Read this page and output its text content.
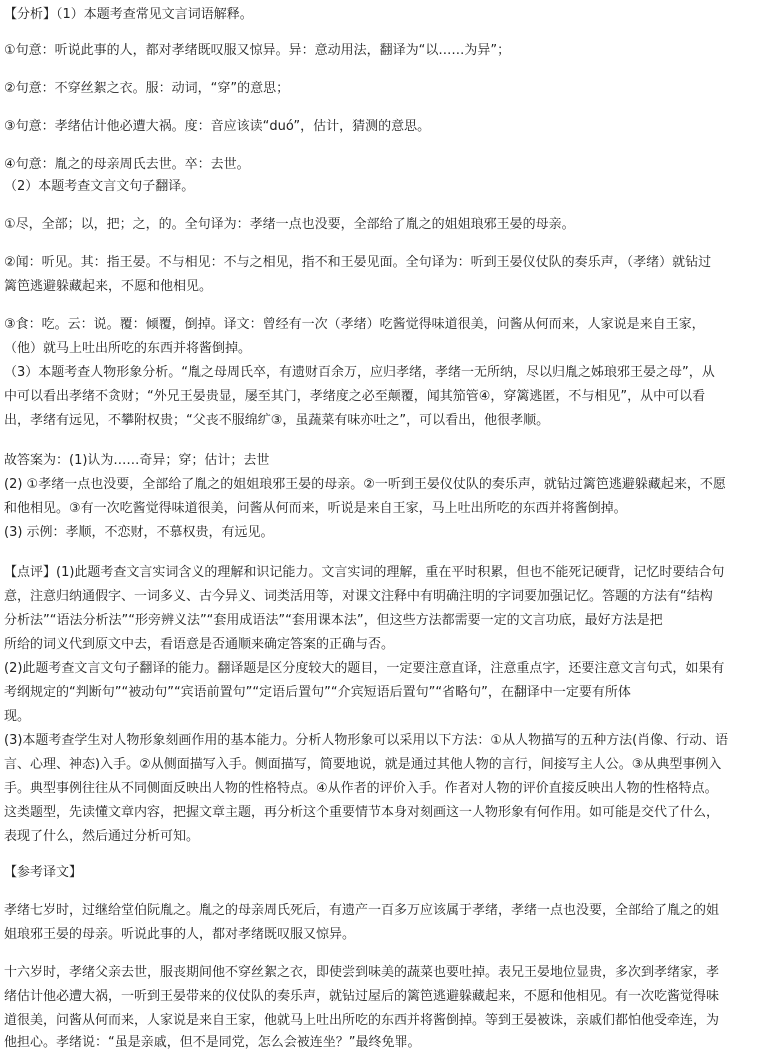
【分析】（1）本题考查常见文言词语解释。
①句意：听说此事的人，都对孝绪既叹服又惊异。异：意动用法，翻译为“以……为异”；
②句意：不穿丝絮之衣。服：动词，“穿”的意思；
③句意：孝绪估计他必遭大祸。度：音应该读“duó”，估计，猜测的意思。
④句意：胤之的母亲周氏去世。卒：去世。
（2）本题考查文言文句子翻译。
①尽，全部；以，把；之，的。全句译为：孝绪一点也没要，全部给了胤之的姐姐琅邪王晏的母亲。
②闻：听见。其：指王晏。不与相见：不与之相见，指不和王晏见面。全句译为：听到王晏仪仗队的奏乐声，（孝绪）就钻过
篱笆逃避躲藏起来，不愿和他相见。
③食：吃。云：说。覆：倾覆，倒掉。译文：曾经有一次（孝绪）吃酱觉得味道很美，问酱从何而来，人家说是来自王家，
（他）就马上吐出所吃的东西并将酱倒掉。
（3）本题考查人物形象分析。“胤之母周氏卒，有遗财百余万，应归孝绪，孝绪一无所纳，尽以归胤之姊琅邪王晏之母”，从
中可以看出孝绪不贪财；“外兄王晏贵显，屡至其门，孝绪度之必至颠覆，闻其笳管④，穿篱逃匿，不与相见”，从中可以看
出，孝绪有远见，不攀附权贵；“父丧不服绵纩③，虽蔬菜有味亦吐之”，可以看出，他很孝顺。
故答案为：(1)认为……奇异；穿；估计；去世
(2) ①孝绪一点也没要，全部给了胤之的姐姐琅邪王晏的母亲。②一听到王晏仪仗队的奏乐声，就钻过篱笆逃避躲藏起来，不愿
和他相见。③有一次吃酱觉得味道很美，问酱从何而来，听说是来自王家，马上吐出所吃的东西并将酱倒掉。
(3) 示例：孝顺，不恋财，不慕权贵，有远见。
【点评】(1)此题考查文言实词含义的理解和识记能力。文言实词的理解，重在平时积累，但也不能死记硬背，记忆时要结合句
意，注意归纳通假字、一词多义、古今异义、词类活用等，对课文注释中有明确注明的字词要加强记忆。答题的方法有“结构
分析法”“语法分析法”“形旁辨义法”“套用成语法”“套用课本法”，但这些方法都需要一定的文言功底，最好方法是把
所给的词义代到原文中去，看语意是否通顺来确定答案的正确与否。
(2)此题考查文言文句子翻译的能力。翻译题是区分度较大的题目，一定要注意直译，注意重点字，还要注意文言句式，如果有
考纲规定的“判断句”“被动句”“宾语前置句”“定语后置句”“介宾短语后置句”“省略句”，在翻译中一定要有所体
现。
(3)本题考查学生对人物形象刻画作用的基本能力。分析人物形象可以采用以下方法：①从人物描写的五种方法(肖像、行动、语
言、心理、神态)入手。②从侧面描写入手。侧面描写，简要地说，就是通过其他人物的言行，间接写主人公。③从典型事例入
手。典型事例往往从不同侧面反映出人物的性格特点。④从作者的评价入手。作者对人物的评价直接反映出人物的性格特点。
这类题型，先读懂文章内容，把握文章主题，再分析这个重要情节本身对刻画这一人物形象有何作用。如可能是交代了什么，
表现了什么，然后通过分析可知。
【参考译文】
孝绪七岁时，过继给堂伯阮胤之。胤之的母亲周氏死后，有遗产一百多万应该属于孝绪，孝绪一点也没要，全部给了胤之的姐
姐琅邪王晏的母亲。听说此事的人，都对孝绪既叹服又惊异。
十六岁时，孝绪父亲去世，服丧期间他不穿丝絮之衣，即使尝到味美的蔬菜也要吐掉。表兄王晏地位显贵，多次到孝绪家，孝
绪估计他必遭大祸，一听到王晏带来的仪仗队的奏乐声，就钻过屋后的篱笆逃避躲藏起来，不愿和他相见。有一次吃酱觉得味
道很美，问酱从何而来，人家说是来自王家，他就马上吐出所吃的东西并将酱倒掉。等到王晏被诛，亲戚们都怕他受牵连，为
他担心。孝绪说：“虽是亲戚，但不是同党，怎么会被连坐？”最终免罪。
